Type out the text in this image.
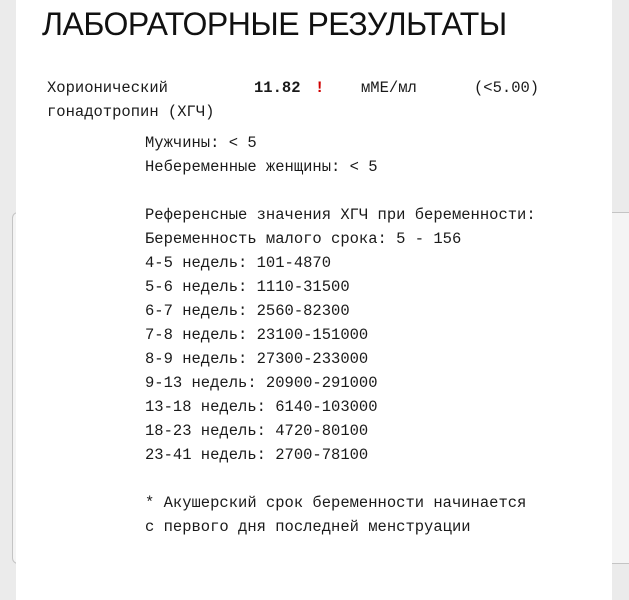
ЛАБОРАТОРНЫЕ РЕЗУЛЬТАТЫ
Хорионический
гонадотропин (ХГЧ)
11.82 ! мМЕ/мл	(<5.00)
Мужчины: < 5
Небеременные женщины: < 5
Референсные значения ХГЧ при беременности:
Беременность малого срока: 5 - 156
4-5 недель: 101-4870
5-6 недель: 1110-31500
6-7 недель: 2560-82300
7-8 недель: 23100-151000
8-9 недель: 27300-233000
9-13 недель: 20900-291000
13-18 недель: 6140-103000
18-23 недель: 4720-80100
23-41 недель: 2700-78100
* Акушерский срок беременности начинается
с первого дня последней менструации
